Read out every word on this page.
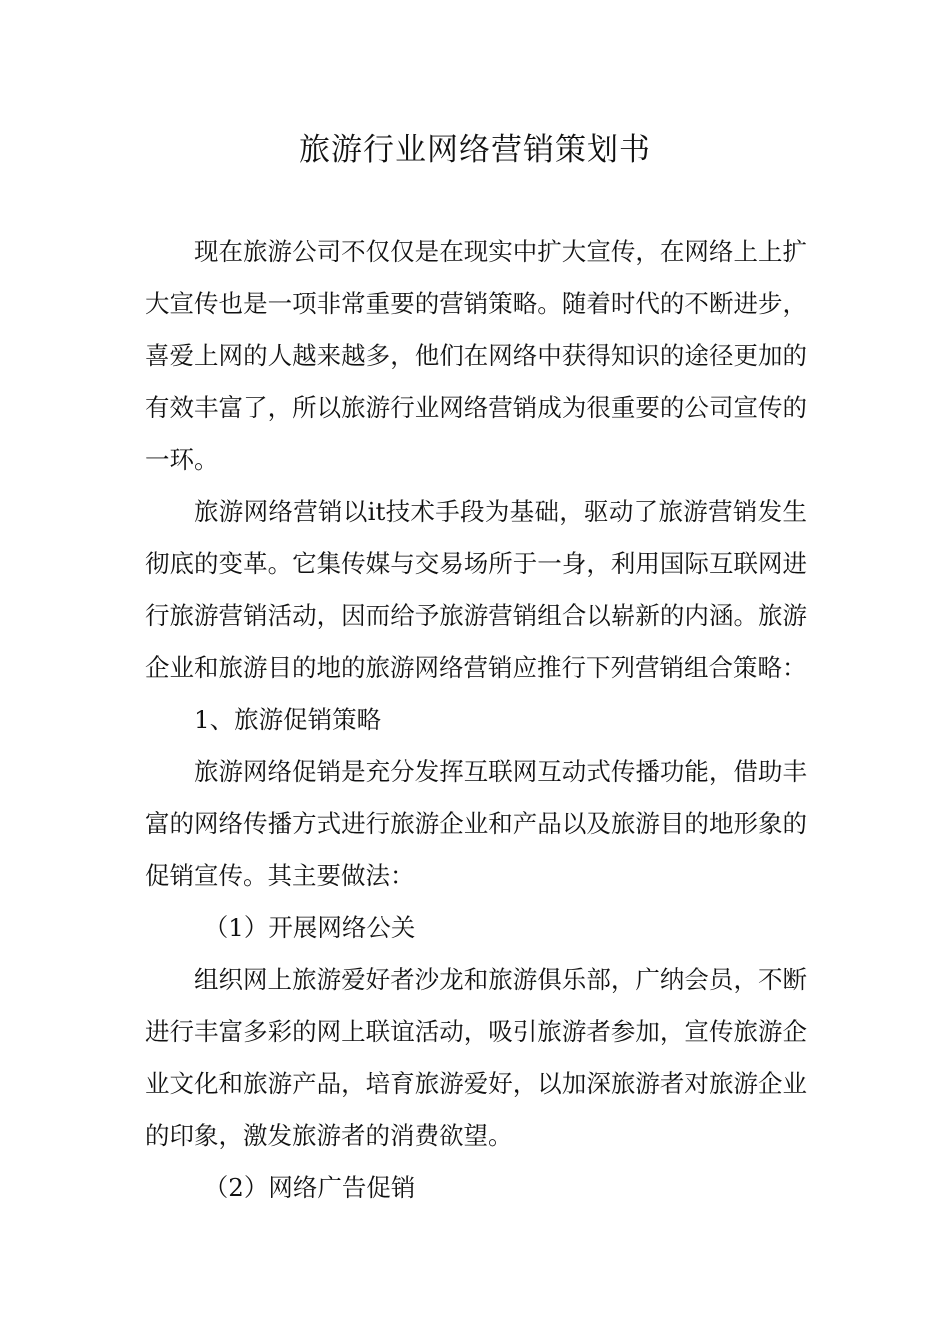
旅游行业网络营销策划书

现在旅游公司不仅仅是在现实中扩大宣传，在网络上上扩大宣传也是一项非常重要的营销策略。随着时代的不断进步，喜爱上网的人越来越多，他们在网络中获得知识的途径更加的有效丰富了，所以旅游行业网络营销成为很重要的公司宣传的一环。

旅游网络营销以it技术手段为基础，驱动了旅游营销发生彻底的变革。它集传媒与交易场所于一身，利用国际互联网进行旅游营销活动，因而给予旅游营销组合以崭新的内涵。旅游企业和旅游目的地的旅游网络营销应推行下列营销组合策略：

1、旅游促销策略

旅游网络促销是充分发挥互联网互动式传播功能，借助丰富的网络传播方式进行旅游企业和产品以及旅游目的地形象的促销宣传。其主要做法：

（1）开展网络公关

组织网上旅游爱好者沙龙和旅游俱乐部，广纳会员，不断进行丰富多彩的网上联谊活动，吸引旅游者参加，宣传旅游企业文化和旅游产品，培育旅游爱好，以加深旅游者对旅游企业的印象，激发旅游者的消费欲望。

（2）网络广告促销
